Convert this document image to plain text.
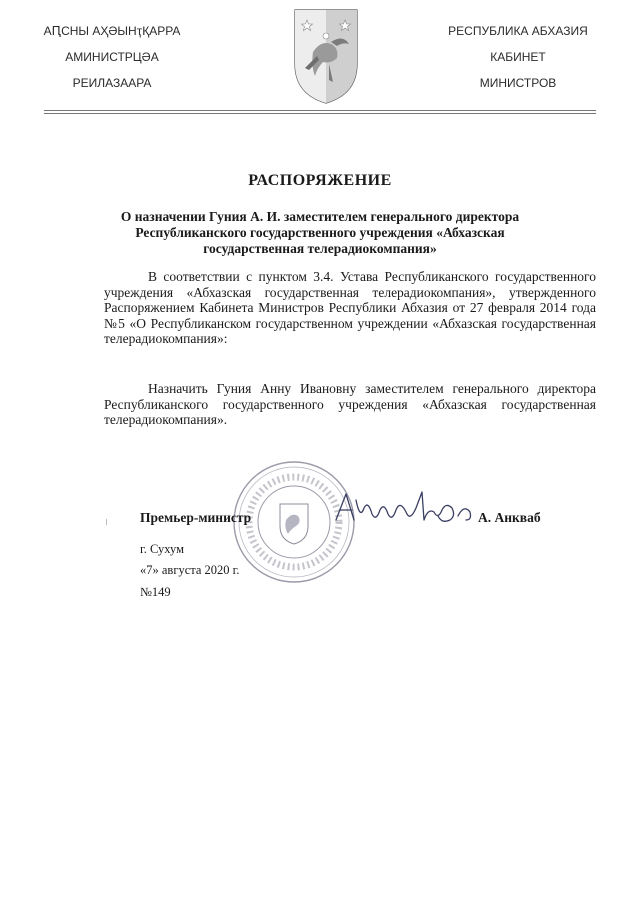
АԤСНЫ АҲӘЫНҭҚАРРА
АМИНИСТРЦӘА
РЕИЛАЗААРА
РЕСПУБЛИКА АБХАЗИЯ
КАБИНЕТ
МИНИСТРОВ
РАСПОРЯЖЕНИЕ
О назначении Гуния А. И. заместителем генерального директора
Республиканского государственного учреждения «Абхазская
государственная телерадиокомпания»
В соответствии с пунктом 3.4. Устава Республиканского государственного учреждения «Абхазская государственная телерадиокомпания», утвержденного Распоряжением Кабинета Министров Республики Абхазия от 27 февраля 2014 года №5 «О Республиканском государственном учреждении «Абхазская государственная телерадиокомпания»:
Назначить Гуния Анну Ивановну заместителем генерального директора Республиканского государственного учреждения «Абхазская государственная телерадиокомпания».
Премьер-министр	А. Анкваб
г. Сухум
«7» августа 2020 г.
№149
